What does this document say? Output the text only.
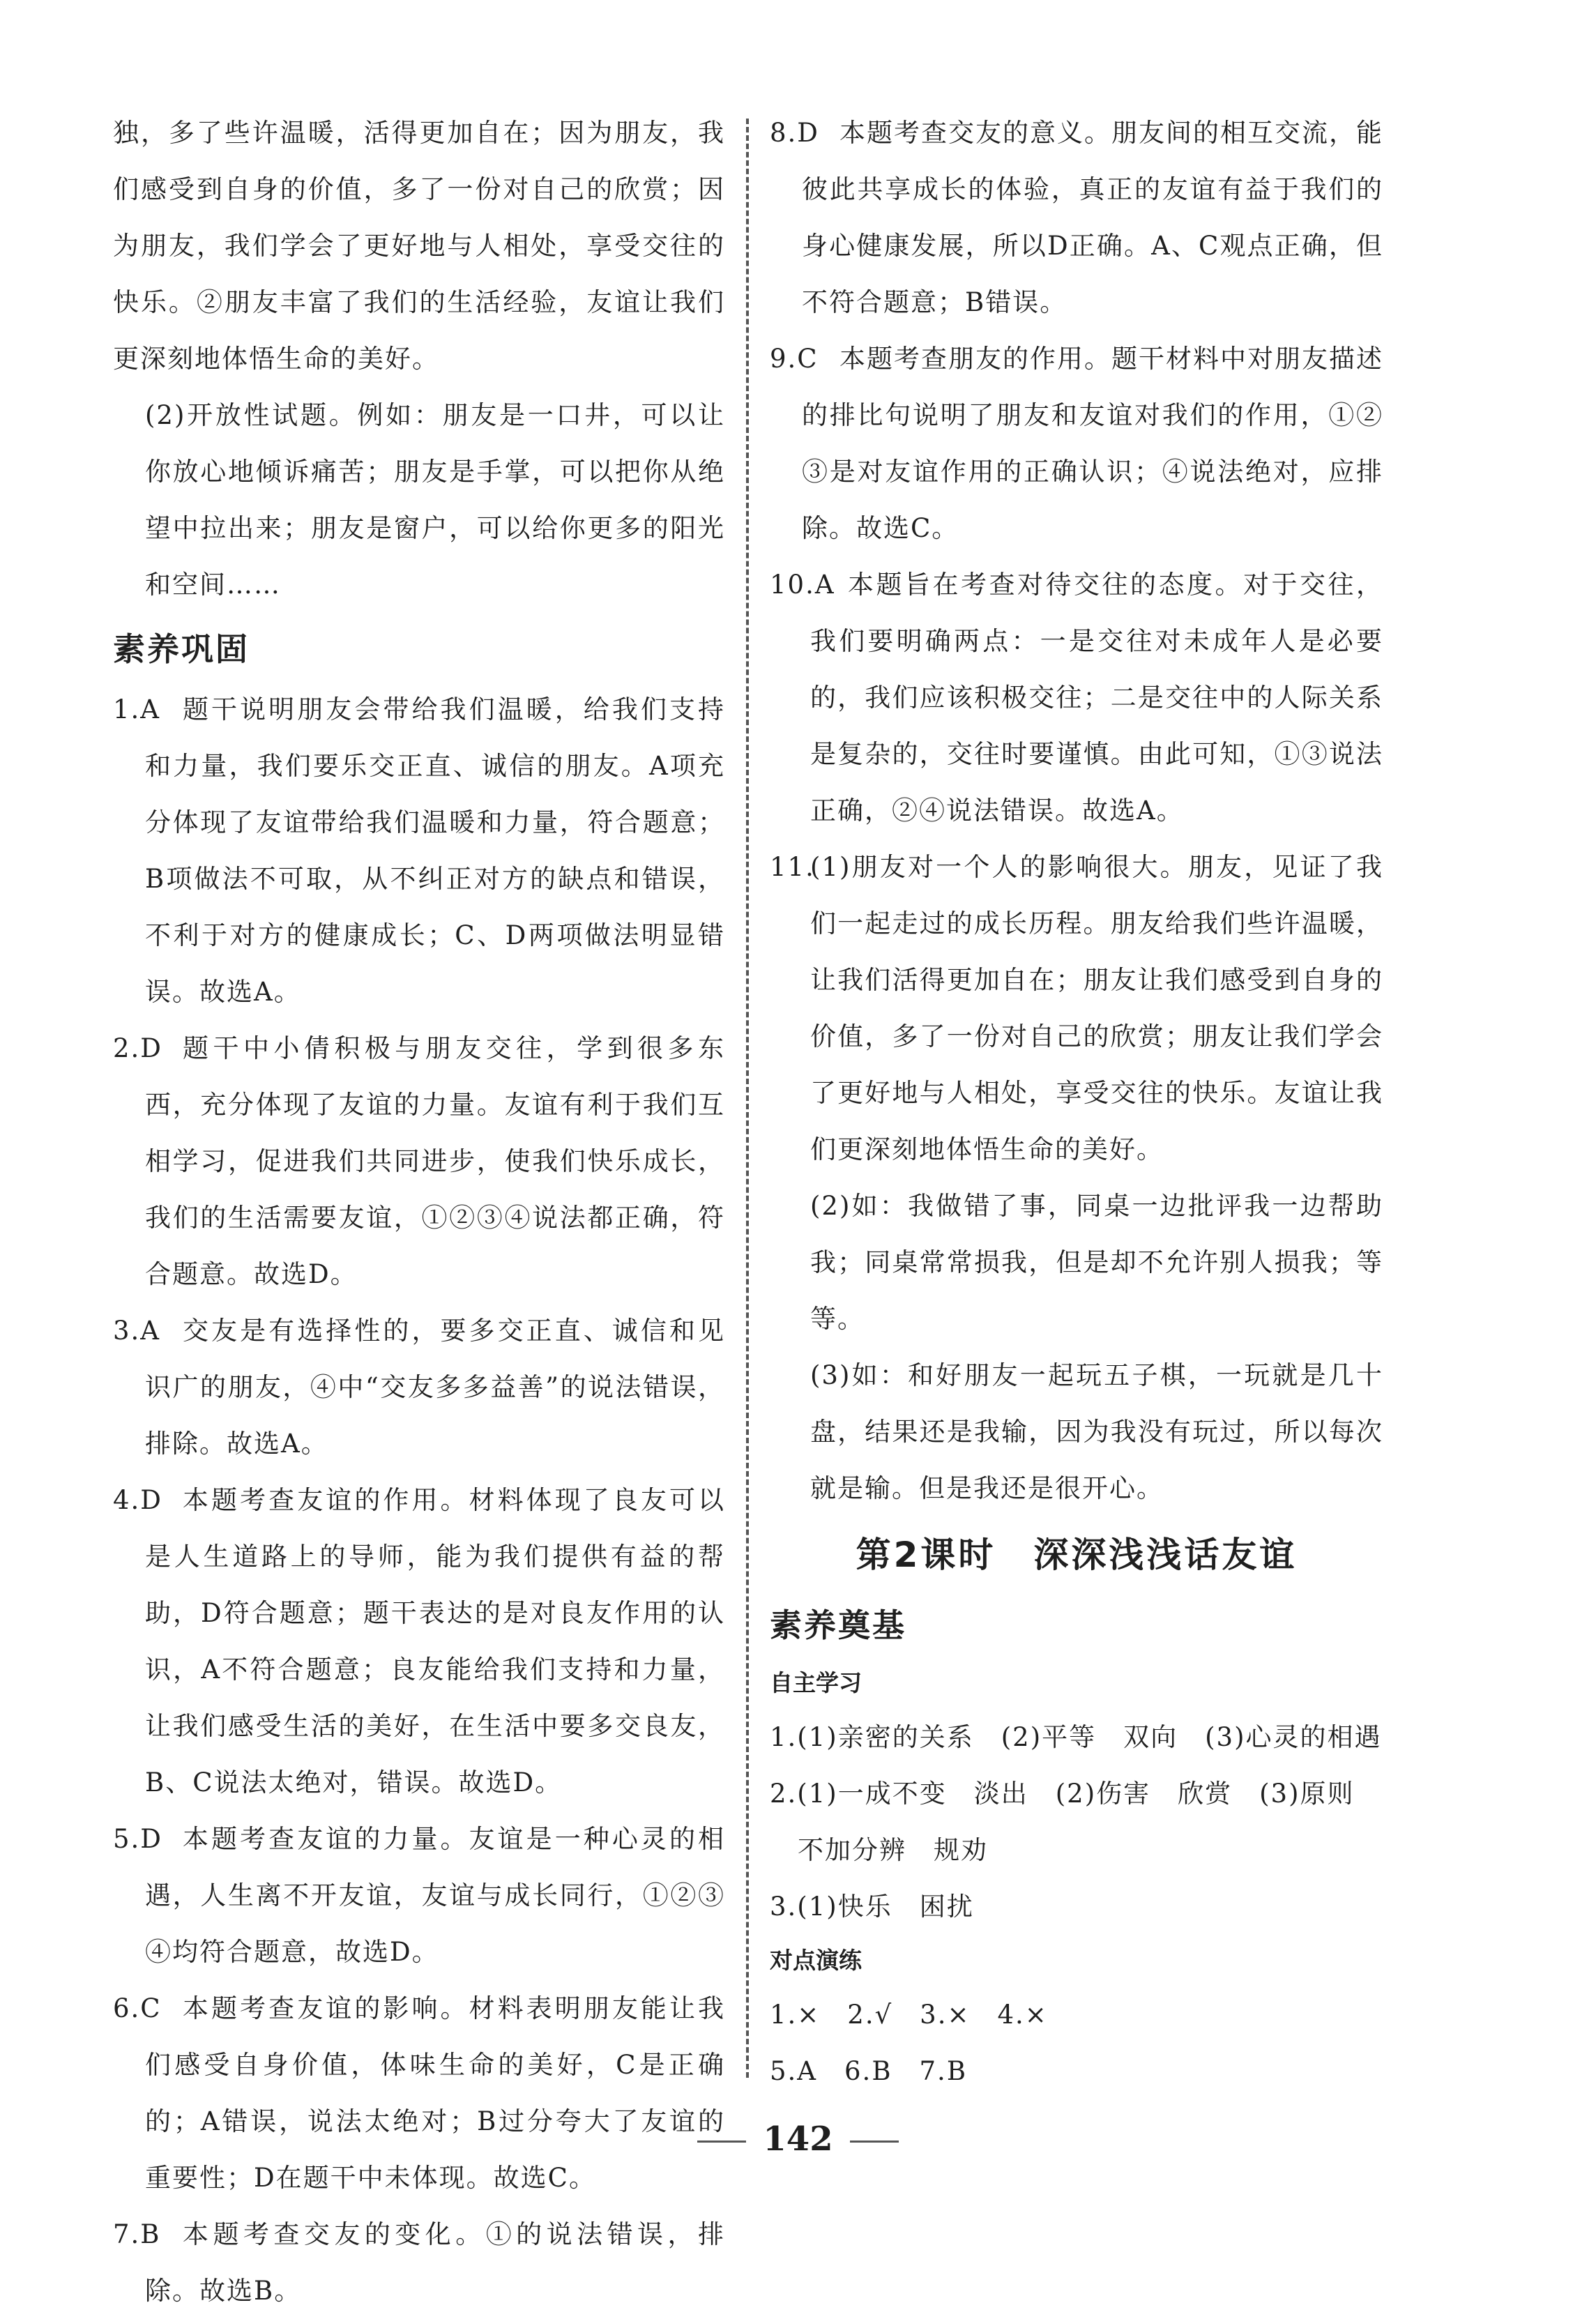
独，多了些许温暖，活得更加自在；因为朋友，我们感受到自身的价值，多了一份对自己的欣赏；因为朋友，我们学会了更好地与人相处，享受交往的快乐。②朋友丰富了我们的生活经验，友谊让我们更深刻地体悟生命的美好。

(2)开放性试题。例如：朋友是一口井，可以让你放心地倾诉痛苦；朋友是手掌，可以把你从绝望中拉出来；朋友是窗户，可以给你更多的阳光和空间……

素养巩固
1.A 题干说明朋友会带给我们温暖，给我们支持和力量，我们要乐交正直、诚信的朋友。A项充分体现了友谊带给我们温暖和力量，符合题意；B项做法不可取，从不纠正对方的缺点和错误，不利于对方的健康成长；C、D两项做法明显错误。故选A。
2.D 题干中小倩积极与朋友交往，学到很多东西，充分体现了友谊的力量。友谊有利于我们互相学习，促进我们共同进步，使我们快乐成长，我们的生活需要友谊，①②③④说法都正确，符合题意。故选D。
3.A 交友是有选择性的，要多交正直、诚信和见识广的朋友，④中“交友多多益善”的说法错误，排除。故选A。
4.D 本题考查友谊的作用。材料体现了良友可以是人生道路上的导师，能为我们提供有益的帮助，D符合题意；题干表达的是对良友作用的认识，A不符合题意；良友能给我们支持和力量，让我们感受生活的美好，在生活中要多交良友，B、C说法太绝对，错误。故选D。
5.D 本题考查友谊的力量。友谊是一种心灵的相遇，人生离不开友谊，友谊与成长同行，①②③④均符合题意，故选D。
6.C 本题考查友谊的影响。材料表明朋友能让我们感受自身价值，体味生命的美好，C是正确的；A错误，说法太绝对；B过分夸大了友谊的重要性；D在题干中未体现。故选C。
7.B 本题考查交友的变化。①的说法错误，排除。故选B。
8.D 本题考查交友的意义。朋友间的相互交流，能彼此共享成长的体验，真正的友谊有益于我们的身心健康发展，所以D正确。A、C观点正确，但不符合题意；B错误。
9.C 本题考查朋友的作用。题干材料中对朋友描述的排比句说明了朋友和友谊对我们的作用，①②③是对友谊作用的正确认识；④说法绝对，应排除。故选C。
10.A 本题旨在考查对待交往的态度。对于交往，我们要明确两点：一是交往对未成年人是必要的，我们应该积极交往；二是交往中的人际关系是复杂的，交往时要谨慎。由此可知，①③说法正确，②④说法错误。故选A。
11.
(1)朋友对一个人的影响很大。朋友，见证了我们一起走过的成长历程。朋友给我们些许温暖，让我们活得更加自在；朋友让我们感受到自身的价值，多了一份对自己的欣赏；朋友让我们学会了更好地与人相处，享受交往的快乐。友谊让我们更深刻地体悟生命的美好。

(2)如：我做错了事，同桌一边批评我一边帮助我；同桌常常损我，但是却不允许别人损我；等等。

(3)如：和好朋友一起玩五子棋，一玩就是几十盘，结果还是我输，因为我没有玩过，所以每次就是输。但是我还是很开心。

第2课时　深深浅浅话友谊
素养奠基
自主学习
1.(1)亲密的关系　(2)平等　双向　(3)心灵的相遇
2.(1)一成不变　淡出　(2)伤害　欣赏　(3)原则
不加分辨　规劝
3.(1)快乐　困扰
对点演练
1.×　2.√　3.×　4.×
5.A　6.B　7.B
142
